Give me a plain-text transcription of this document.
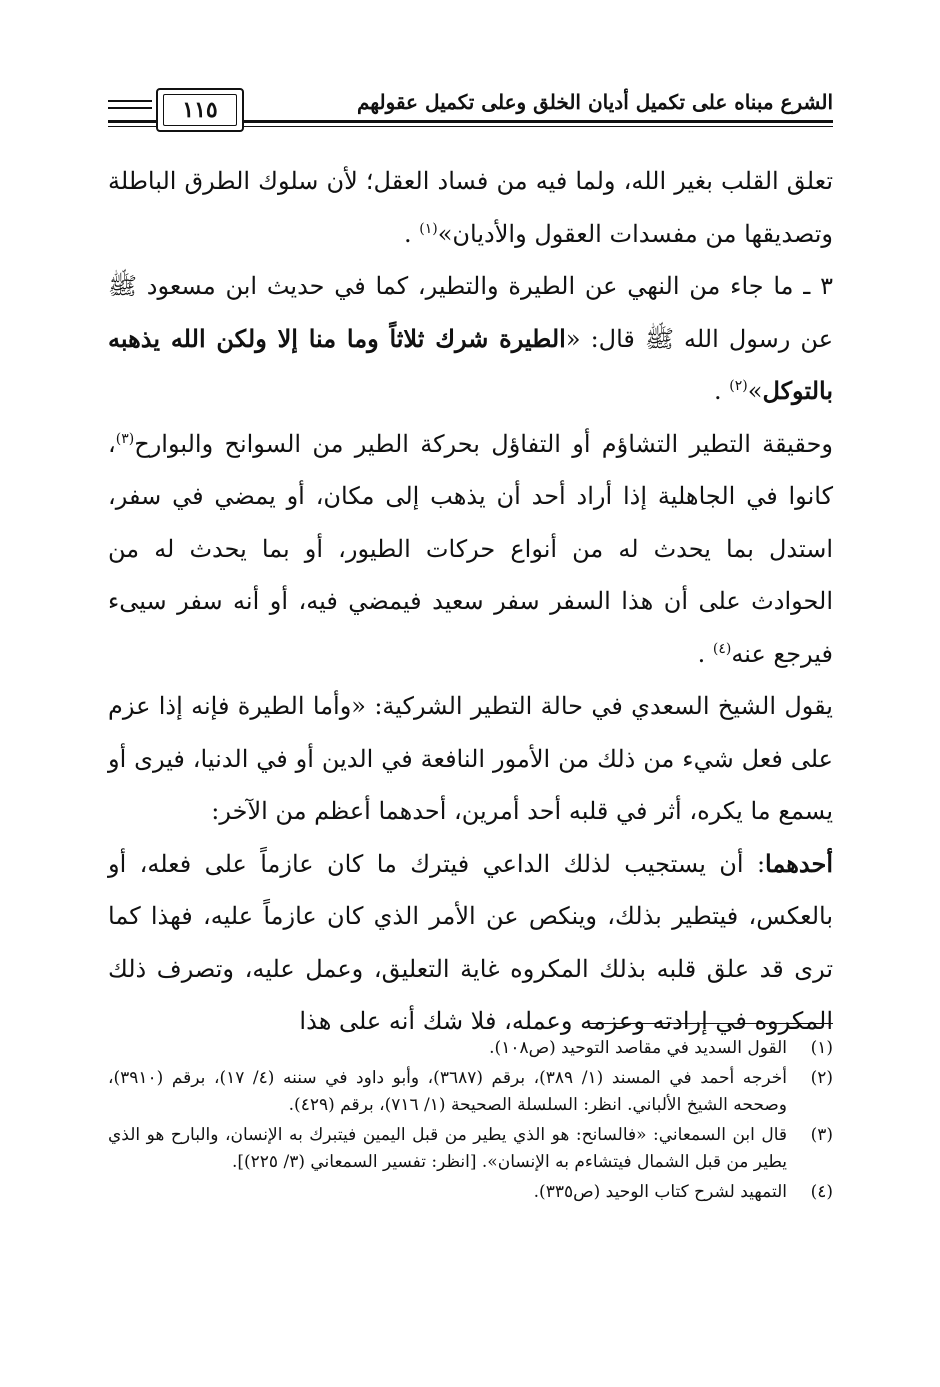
الشرع مبناه على تكميل أديان الخلق وعلى تكميل عقولهم
١١٥

تعلق القلب بغير الله، ولما فيه من فساد العقل؛ لأن سلوك الطرق الباطلة وتصديقها من مفسدات العقول والأديان»$^{(١)}$ .

٣ ـ ما جاء من النهي عن الطيرة والتطير، كما في حديث ابن مسعود ﷺ عن رسول الله ﷺ قال: «الطيرة شرك ثلاثاً وما منا إلا ولكن الله يذهبه بالتوكل»$^{(٢)}$ .

وحقيقة التطير التشاؤم أو التفاؤل بحركة الطير من السوانح والبوارح$^{(٣)}$، كانوا في الجاهلية إذا أراد أحد أن يذهب إلى مكان، أو يمضي في سفر، استدل بما يحدث له من أنواع حركات الطيور، أو بما يحدث له من الحوادث على أن هذا السفر سفر سعيد فيمضي فيه، أو أنه سفر سيىء فيرجع عنه$^{(٤)}$ .

يقول الشيخ السعدي في حالة التطير الشركية: «وأما الطيرة فإنه إذا عزم على فعل شيء من ذلك من الأمور النافعة في الدين أو في الدنيا، فيرى أو يسمع ما يكره، أثر في قلبه أحد أمرين، أحدهما أعظم من الآخر:

أحدهما: أن يستجيب لذلك الداعي فيترك ما كان عازماً على فعله، أو بالعكس، فيتطير بذلك، وينكص عن الأمر الذي كان عازماً عليه، فهذا كما ترى قد علق قلبه بذلك المكروه غاية التعليق، وعمل عليه، وتصرف ذلك المكروه في إرادته وعزمه وعمله، فلا شك أنه على هذا

(١)
القول السديد في مقاصد التوحيد (ص١٠٨).
(٢)
أخرجه أحمد في المسند (١/ ٣٨٩)، برقم (٣٦٨٧)، وأبو داود في سننه (٤/ ١٧)، برقم (٣٩١٠)، وصححه الشيخ الألباني. انظر: السلسلة الصحيحة (١/ ٧١٦)، برقم (٤٢٩).
(٣)
قال ابن السمعاني: «فالسانح: هو الذي يطير من قبل اليمين فيتبرك به الإنسان، والبارح هو الذي يطير من قبل الشمال فيتشاءم به الإنسان». [انظر: تفسير السمعاني (٣/ ٢٢٥)].
(٤)
التمهيد لشرح كتاب الوحيد (ص٣٣٥).
